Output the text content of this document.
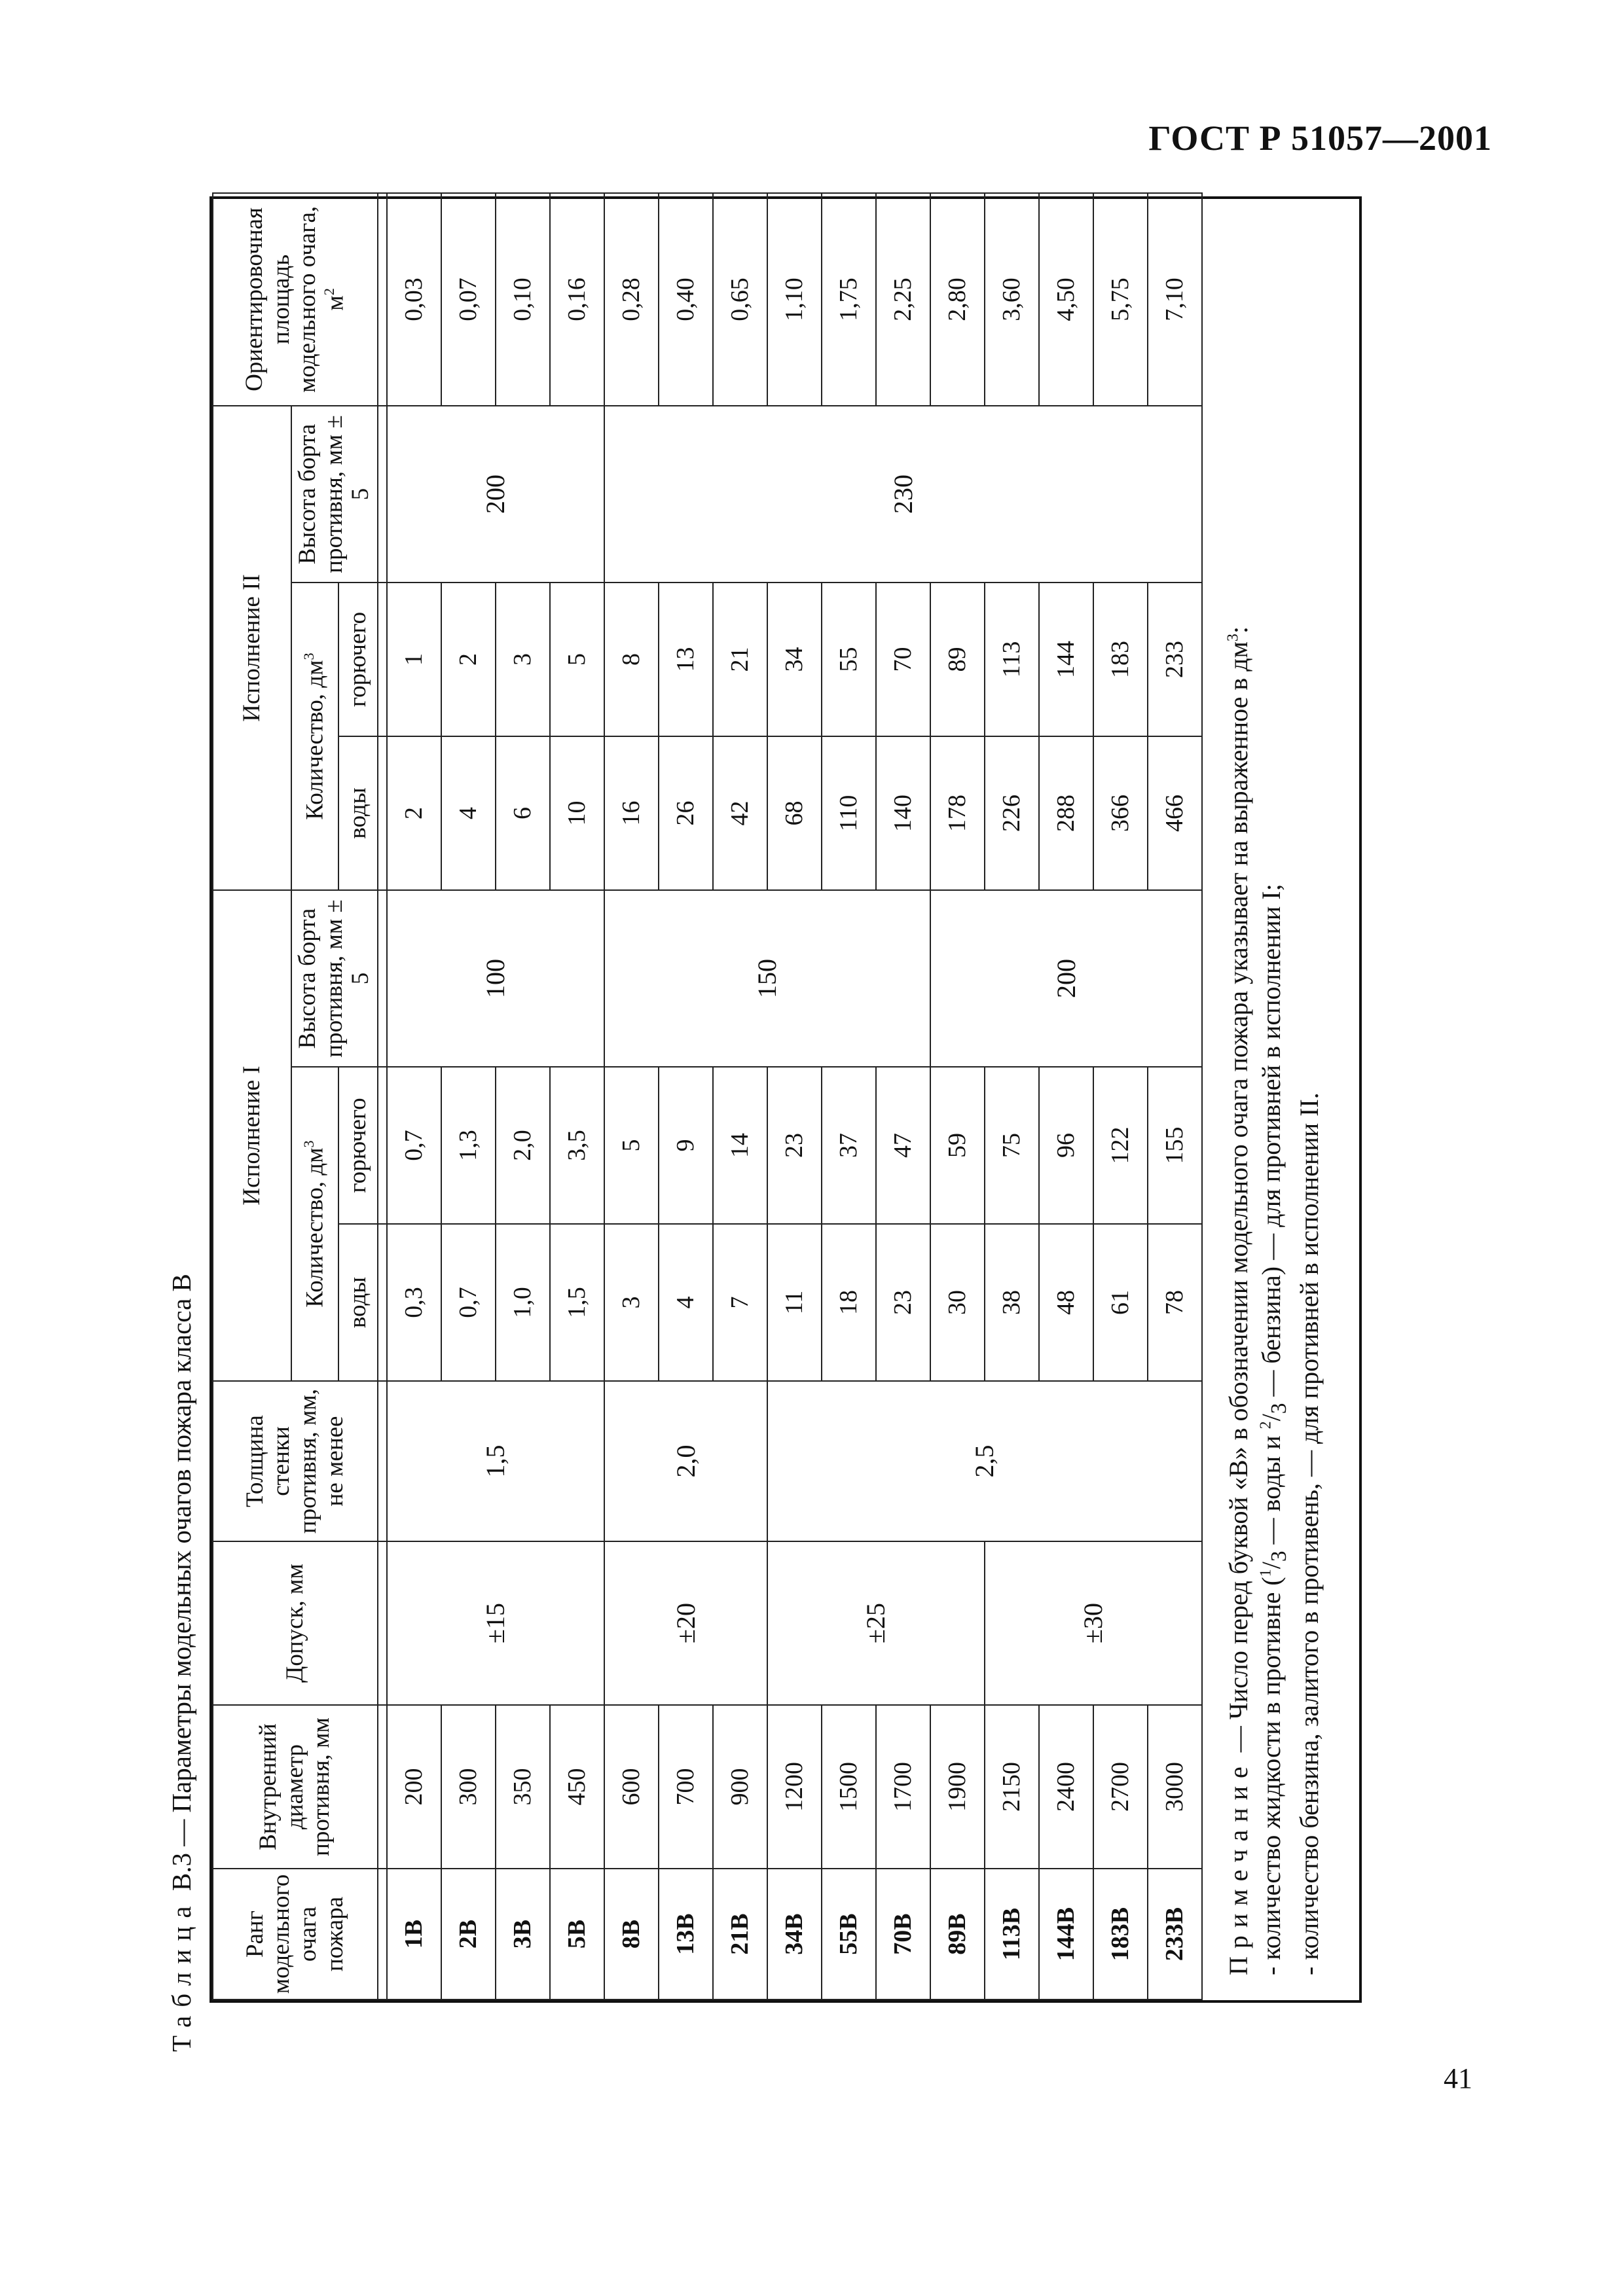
ГОСТ Р 51057—2001
Таблица В.3 — Параметры модельных очагов пожара класса В
Ранг модельного очага пожара	Внутренний диаметр противня, мм	Допуск, мм	Толщина стенки противня, мм, не менее	Исполнение I			Исполнение II			Ориентировочная площадь модельного очага, $м^2$
				Количество, $дм^3$		Высота борта противня, мм ± 5	Количество, $дм^3$		Высота борта противня, мм ± 5	
				воды	горючего		воды	горючего		

1B	200	±15	1,5	0,3	0,7	100	2	1	200	0,03
2B	300			0,7	1,3		4	2		0,07
3B	350			1,0	2,0		6	3		0,10
5B	450			1,5	3,5		10	5		0,16
8B	600	±20	2,0	3	5	150	16	8	230	0,28
13B	700			4	9		26	13		0,40
21B	900			7	14		42	21		0,65
34B	1200	±25	2,5	11	23		68	34		1,10
55B	1500			18	37		110	55		1,75
70B	1700			23	47		140	70		2,25
89B	1900			30	59	200	178	89		2,80
113B	2150	±30		38	75		226	113		3,60
144B	2400			48	96		288	144		4,50
183B	2700			61	122		366	183		5,75
233B	3000			78	155		466	233		7,10
Примечание — Число перед буквой «В» в обозначении модельного очага пожара указывает на выраженное в $дм^3$:
- количество жидкости в противне ($^1/_3$ — воды и $^2/_3$ — бензина) — для противней в исполнении I; - количество бензина, залитого в противень, — для противней в исполнении II.
41
